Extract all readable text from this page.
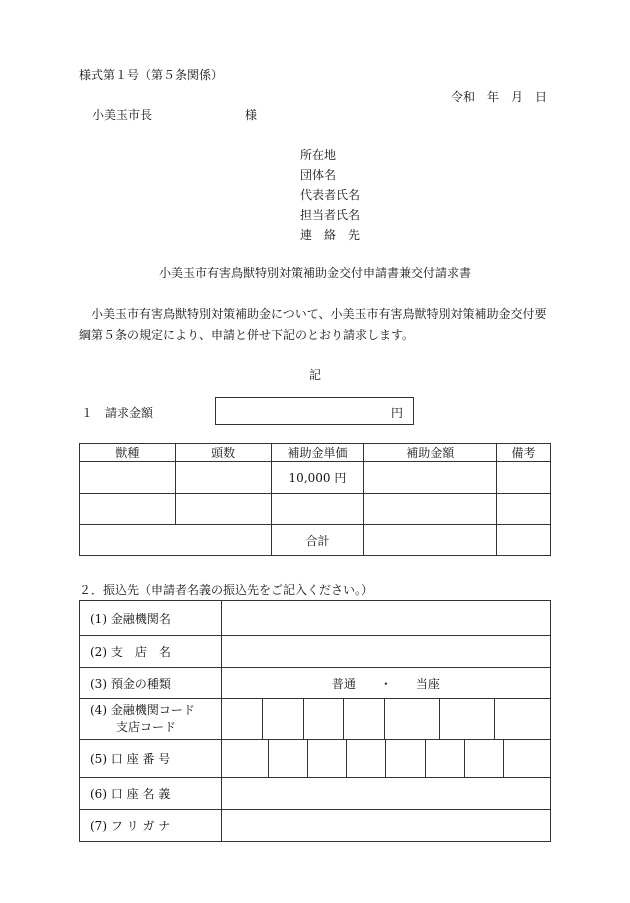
様式第１号（第５条関係）
令和　年　月　日
小美玉市長	様
所在地
団体名
代表者氏名
担当者氏名
連　絡　先
小美玉市有害鳥獣特別対策補助金交付申請書兼交付請求書
小美玉市有害鳥獣特別対策補助金について、小美玉市有害鳥獣特別対策補助金交付要
綱第５条の規定により、申請と併せ下記のとおり請求します。
記
１　請求金額	円
獣種	頭数	補助金単価	補助金額	備考
		10,000 円		

		合計		
２．振込先（申請者名義の振込先をご記入ください。）
(1) 金融機関名							
(2) 支　店　名							
(3) 預金の種類	普通　　・　　当座						
(4) 金融機関コード

支店コード							

(5) 口 座 番 号							

(6) 口 座 名 義							
(7) フ リ ガ ナ							
